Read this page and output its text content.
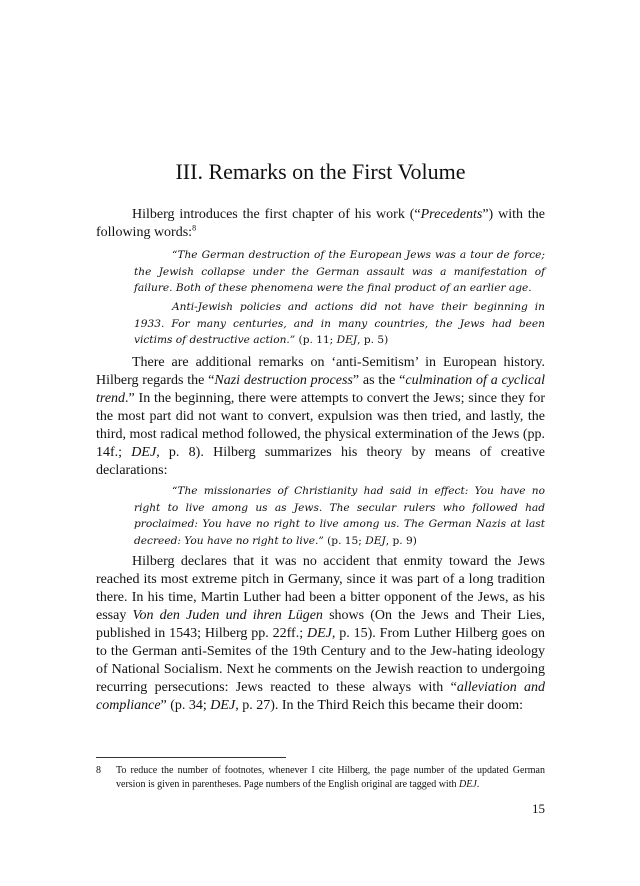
III. Remarks on the First Volume

Hilberg introduces the first chapter of his work (“Precedents”) with the following words:$^8$

“The German destruction of the European Jews was a tour de force; the Jewish collapse under the German assault was a manifestation of failure. Both of these phenomena were the final product of an earlier age.

Anti-Jewish policies and actions did not have their beginning in 1933. For many centuries, and in many countries, the Jews had been victims of destructive action.” (p. 11; DEJ, p. 5)

There are additional remarks on ‘anti-Semitism’ in European history. Hilberg regards the “Nazi destruction process” as the “culmination of a cyclical trend.” In the beginning, there were attempts to convert the Jews; since they for the most part did not want to convert, expulsion was then tried, and lastly, the third, most radical method followed, the physical extermination of the Jews (pp. 14f.; DEJ, p. 8). Hilberg summarizes his theory by means of creative declarations:

“The missionaries of Christianity had said in effect: You have no right to live among us as Jews. The secular rulers who followed had proclaimed: You have no right to live among us. The German Nazis at last decreed: You have no right to live.” (p. 15; DEJ, p. 9)

Hilberg declares that it was no accident that enmity toward the Jews reached its most extreme pitch in Germany, since it was part of a long tradition there. In his time, Martin Luther had been a bitter opponent of the Jews, as his essay Von den Juden und ihren Lügen shows (On the Jews and Their Lies, published in 1543; Hilberg pp. 22ff.; DEJ, p. 15). From Luther Hilberg goes on to the German anti-Semites of the 19th Century and to the Jew-hating ideology of National Socialism. Next he comments on the Jewish reaction to undergoing recurring persecutions: Jews reacted to these always with “alleviation and compliance” (p. 34; DEJ, p. 27). In the Third Reich this became their doom:

8 To reduce the number of footnotes, whenever I cite Hilberg, the page number of the updated German version is given in parentheses. Page numbers of the English original are tagged with DEJ.

15
